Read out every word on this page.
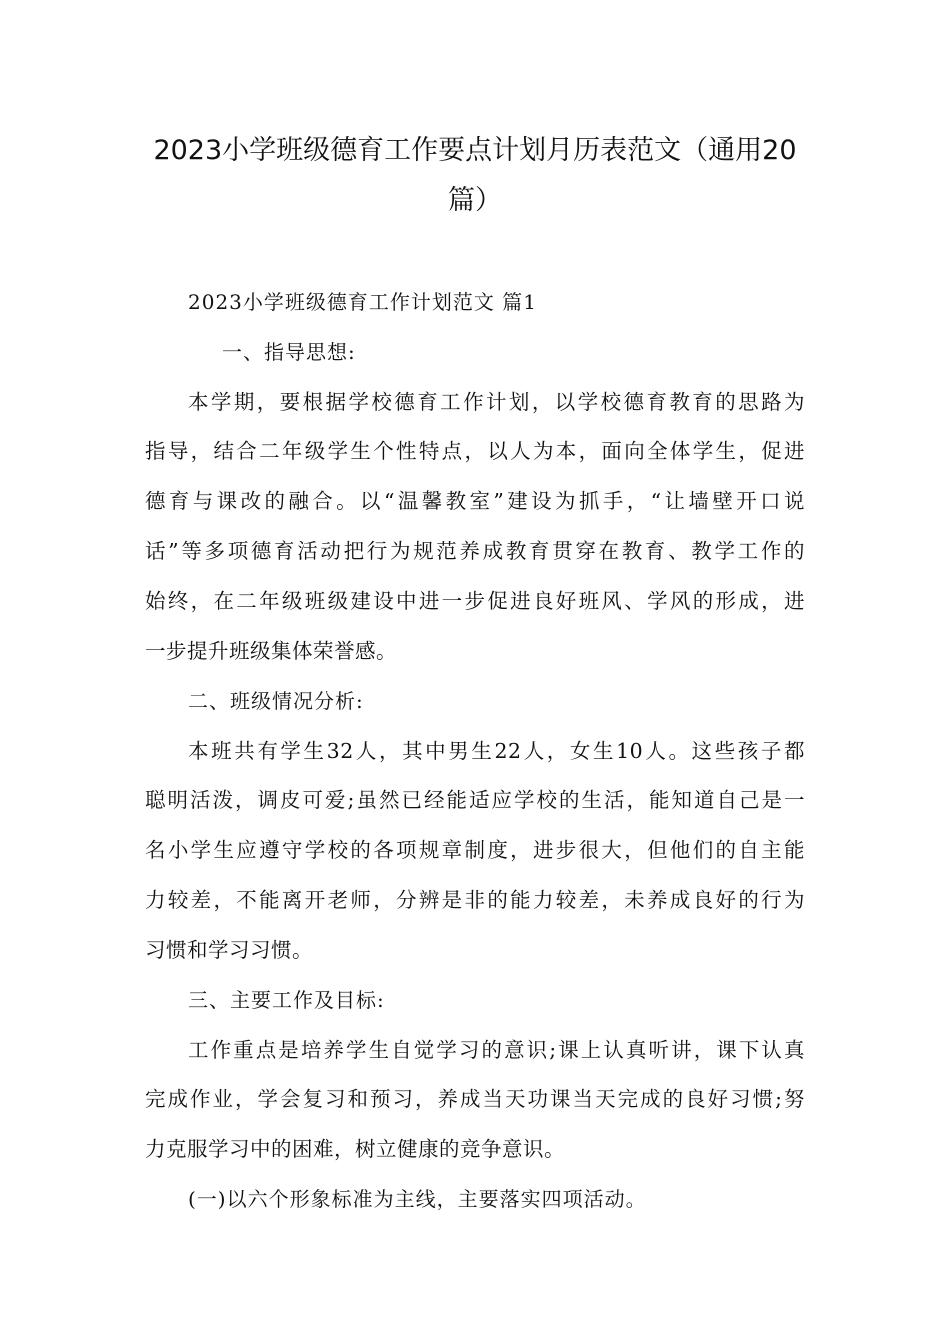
2023小学班级德育工作要点计划月历表范文（通用20
篇）
2023小学班级德育工作计划范文 篇1
一、指导思想:
本学期，要根据学校德育工作计划，以学校德育教育的思路为
指导，结合二年级学生个性特点，以人为本，面向全体学生，促进
德育与课改的融合。以“温馨教室”建设为抓手，“让墙壁开口说
话”等多项德育活动把行为规范养成教育贯穿在教育、教学工作的
始终，在二年级班级建设中进一步促进良好班风、学风的形成，进
一步提升班级集体荣誉感。
二、班级情况分析:
本班共有学生32人，其中男生22人，女生10人。这些孩子都
聪明活泼，调皮可爱;虽然已经能适应学校的生活，能知道自己是一
名小学生应遵守学校的各项规章制度，进步很大，但他们的自主能
力较差，不能离开老师，分辨是非的能力较差，未养成良好的行为
习惯和学习习惯。
三、主要工作及目标:
工作重点是培养学生自觉学习的意识;课上认真听讲，课下认真
完成作业，学会复习和预习，养成当天功课当天完成的良好习惯;努
力克服学习中的困难，树立健康的竞争意识。
(一)以六个形象标准为主线，主要落实四项活动。
